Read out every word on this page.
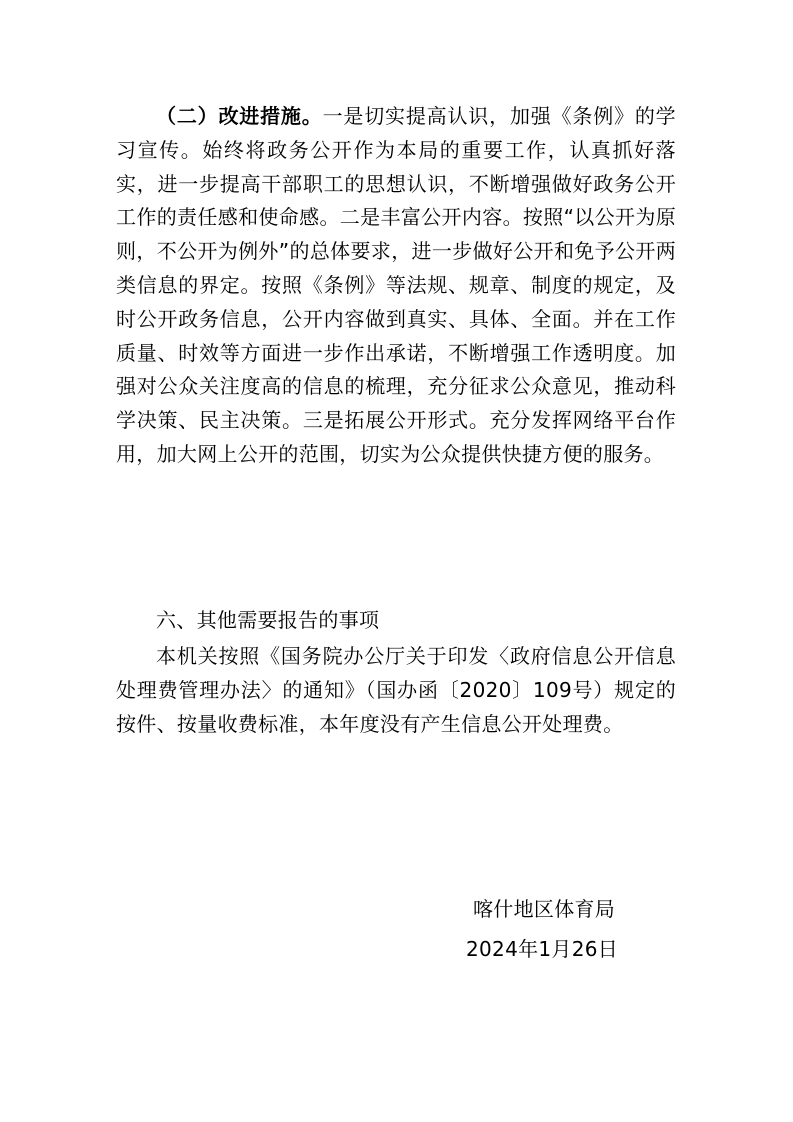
（二）改进措施。一是切实提高认识，加强《条例》的学习宣传。始终将政务公开作为本局的重要工作，认真抓好落实，进一步提高干部职工的思想认识，不断增强做好政务公开工作的责任感和使命感。二是丰富公开内容。按照“以公开为原则，不公开为例外”的总体要求，进一步做好公开和免予公开两类信息的界定。按照《条例》等法规、规章、制度的规定，及时公开政务信息，公开内容做到真实、具体、全面。并在工作质量、时效等方面进一步作出承诺，不断增强工作透明度。加强对公众关注度高的信息的梳理，充分征求公众意见，推动科学决策、民主决策。三是拓展公开形式。充分发挥网络平台作用，加大网上公开的范围，切实为公众提供快捷方便的服务。

六、其他需要报告的事项

本机关按照《国务院办公厅关于印发〈政府信息公开信息处理费管理办法〉的通知》（国办函〔2020〕109号）规定的按件、按量收费标准，本年度没有产生信息公开处理费。

喀什地区体育局

2024年1月26日
